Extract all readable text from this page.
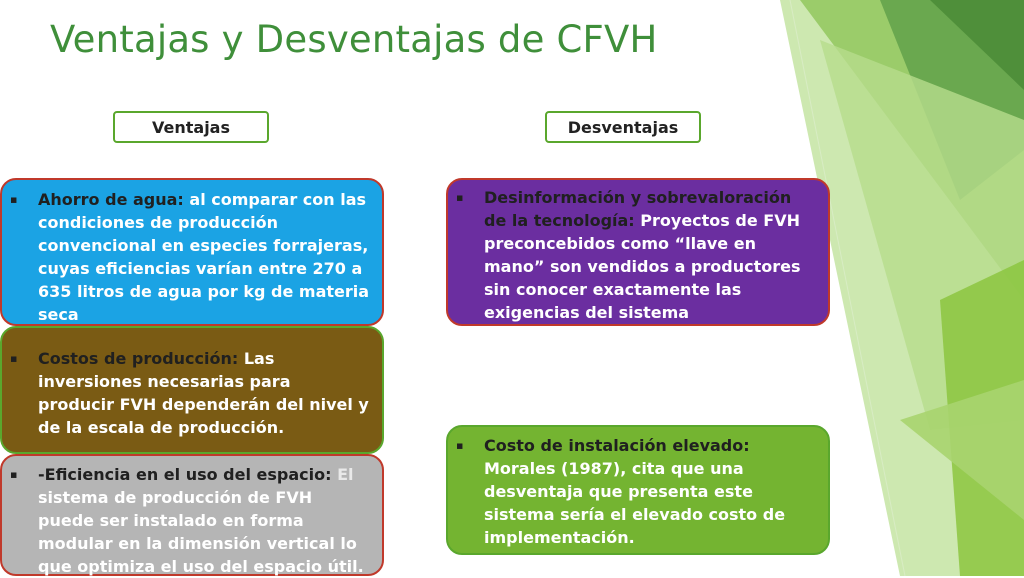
Ventajas y Desventajas de CFVH
Ventajas	Desventajas
▪	Ahorro de agua: al comparar con las condiciones de producción convencional en especies forrajeras, cuyas eficiencias varían entre 270 a 635 litros de agua por kg de materia seca
▪	Costos de producción: Las inversiones necesarias para producir FVH dependerán del nivel y de la escala de producción.
▪	-Eficiencia en el uso del espacio: El sistema de producción de FVH puede ser instalado en forma modular en la dimensión vertical lo que optimiza el uso del espacio útil.
▪	Desinformación y sobrevaloración de la tecnología: Proyectos de FVH preconcebidos como “llave en mano” son vendidos a productores sin conocer exactamente las exigencias del sistema
▪	Costo de instalación elevado: Morales (1987), cita que una desventaja que presenta este sistema sería el elevado costo de implementación.
